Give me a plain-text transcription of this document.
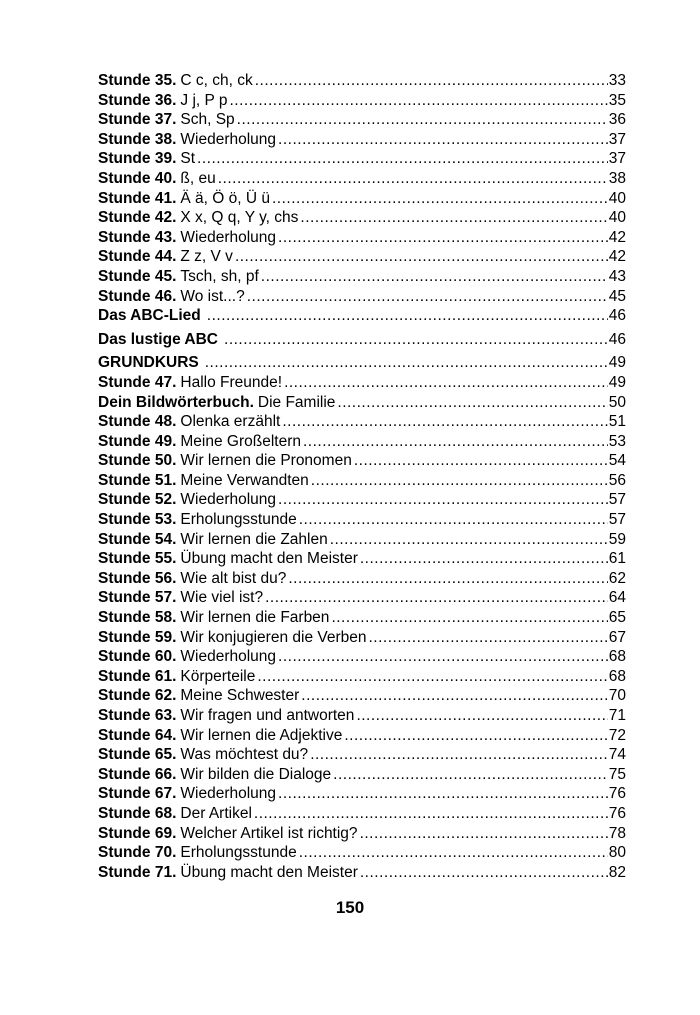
Stunde 35. C c, ch, ck .....	33
Stunde 36. J j, P p .....	35
Stunde 37. Sch, Sp .....	36
Stunde 38. Wiederholung .....	37
Stunde 39. St .....	37
Stunde 40. ß, eu .....	38
Stunde 41. Ä ä, Ö ö, Ü ü .....	40
Stunde 42. X x, Q q, Y y, chs .....	40
Stunde 43. Wiederholung .....	42
Stunde 44. Z z, V v .....	42
Stunde 45. Tsch, sh, pf .....	43
Stunde 46. Wo ist...? .....	45
Das ABC-Lied .....	46
Das lustige ABC .....	46
GRUNDKURS .....	49
Stunde 47. Hallo Freunde! .....	49
Dein Bildwörterbuch. Die Familie .....	50
Stunde 48. Olenka erzählt .....	51
Stunde 49. Meine Großeltern .....	53
Stunde 50. Wir lernen die Pronomen .....	54
Stunde 51. Meine Verwandten .....	56
Stunde 52. Wiederholung .....	57
Stunde 53. Erholungsstunde .....	57
Stunde 54. Wir lernen die Zahlen .....	59
Stunde 55. Übung macht den Meister .....	61
Stunde 56. Wie alt bist du? .....	62
Stunde 57. Wie viel ist? .....	64
Stunde 58. Wir lernen die Farben .....	65
Stunde 59. Wir konjugieren die Verben .....	67
Stunde 60. Wiederholung .....	68
Stunde 61. Körperteile .....	68
Stunde 62. Meine Schwester .....	70
Stunde 63. Wir fragen und antworten .....	71
Stunde 64. Wir lernen die Adjektive .....	72
Stunde 65. Was möchtest du? .....	74
Stunde 66. Wir bilden die Dialoge .....	75
Stunde 67. Wiederholung .....	76
Stunde 68. Der Artikel .....	76
Stunde 69. Welcher Artikel ist richtig? .....	78
Stunde 70. Erholungsstunde .....	80
Stunde 71. Übung macht den Meister .....	82
150
